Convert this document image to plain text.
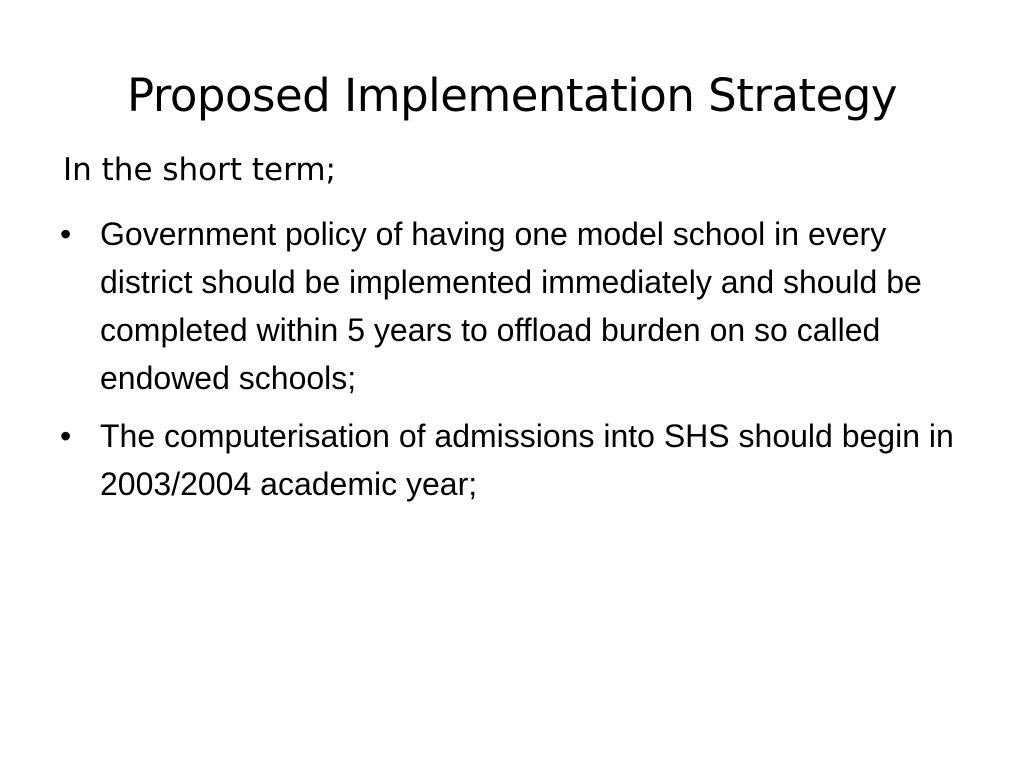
Proposed Implementation Strategy
In the short term;
• Government policy of having one model school in every district should be implemented immediately and should be completed within 5 years to offload burden on so called endowed schools;
• The computerisation of admissions into SHS should begin in 2003/2004 academic year;
